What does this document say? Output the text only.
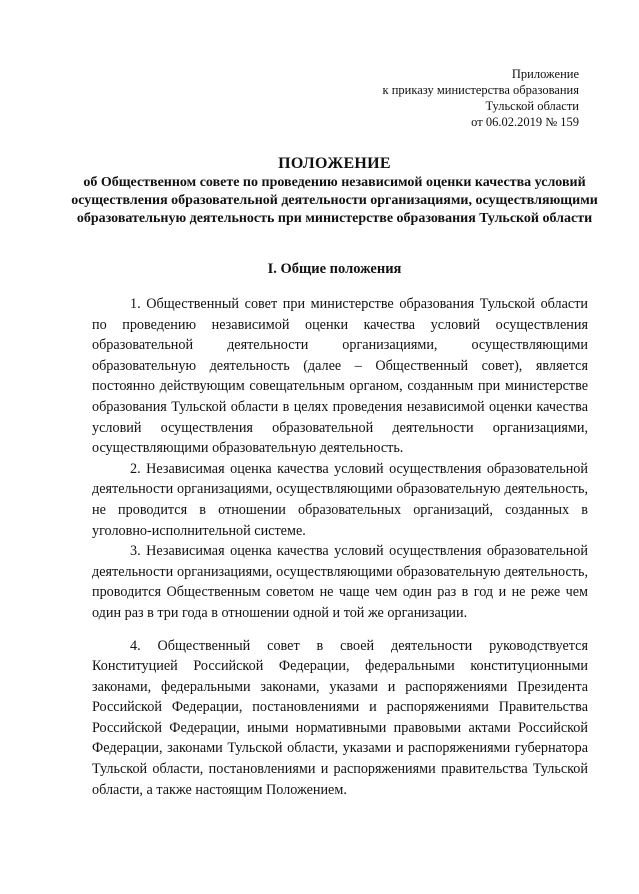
Приложение
к приказу министерства образования
Тульской области
от 06.02.2019 № 159
ПОЛОЖЕНИЕ
об Общественном совете по проведению независимой оценки качества условий осуществления образовательной деятельности организациями, осуществляющими образовательную деятельность при министерстве образования Тульской области
I. Общие положения

1. Общественный совет при министерстве образования Тульской области по проведению независимой оценки качества условий осуществления образовательной деятельности организациями, осуществляющими образовательную деятельность (далее – Общественный совет), является постоянно действующим совещательным органом, созданным при министерстве образования Тульской области в целях проведения независимой оценки качества условий осуществления образовательной деятельности организациями, осуществляющими образовательную деятельность.

2. Независимая оценка качества условий осуществления образовательной деятельности организациями, осуществляющими образовательную деятельность, не проводится в отношении образовательных организаций, созданных в уголовно-исполнительной системе.

3. Независимая оценка качества условий осуществления образовательной деятельности организациями, осуществляющими образовательную деятельность, проводится Общественным советом не чаще чем один раз в год и не реже чем один раз в три года в отношении одной и той же организации.

4. Общественный совет в своей деятельности руководствуется Конституцией Российской Федерации, федеральными конституционными законами, федеральными законами, указами и распоряжениями Президента Российской Федерации, постановлениями и распоряжениями Правительства Российской Федерации, иными нормативными правовыми актами Российской Федерации, законами Тульской области, указами и распоряжениями губернатора Тульской области, постановлениями и распоряжениями правительства Тульской области, а также настоящим Положением.
